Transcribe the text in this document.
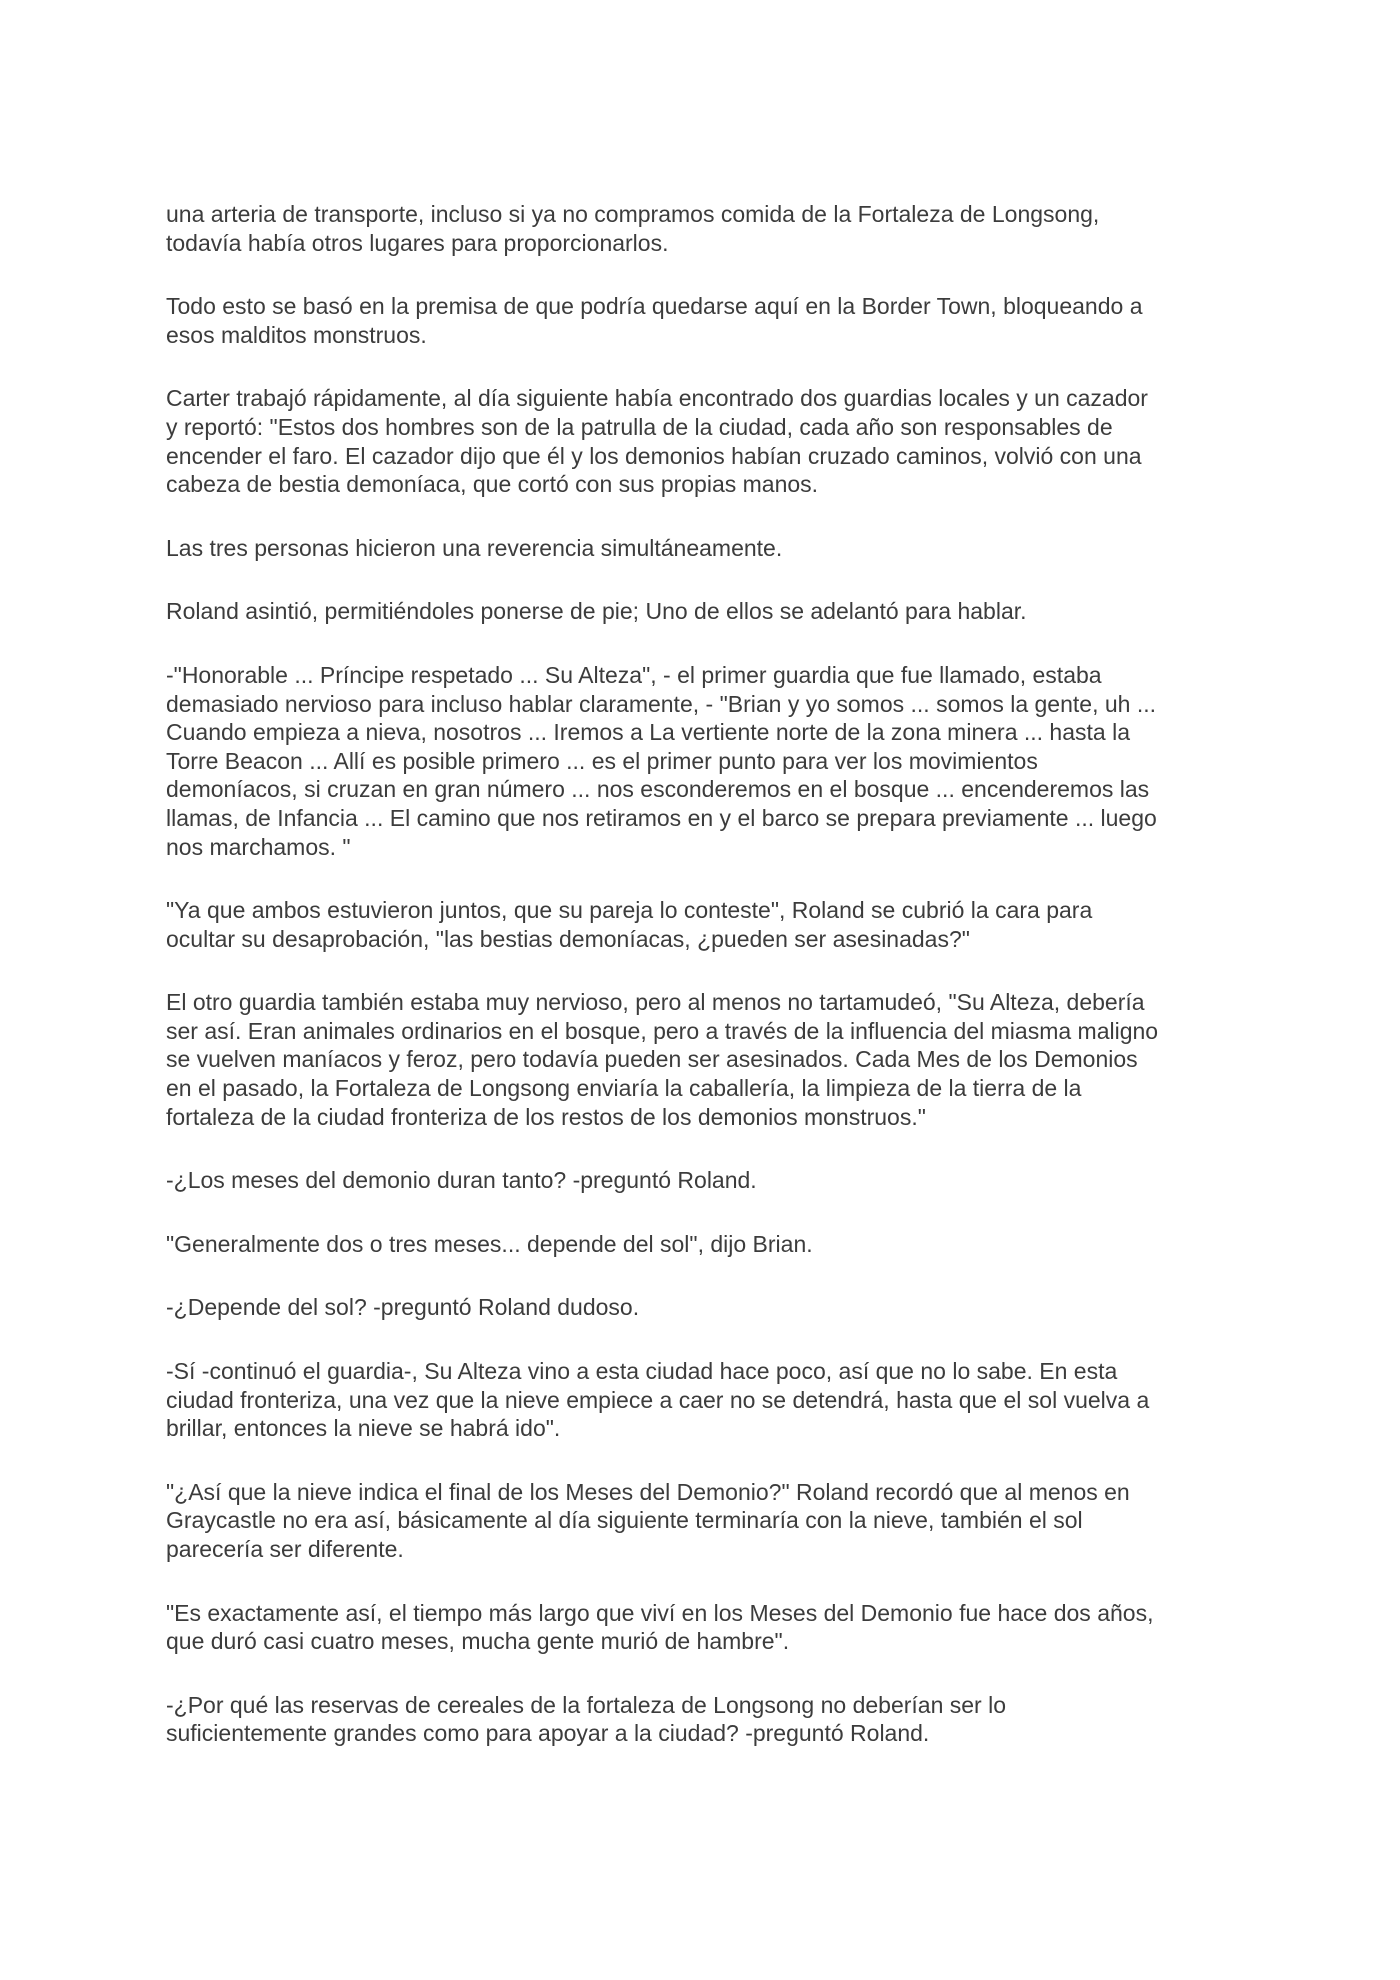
una arteria de transporte, incluso si ya no compramos comida de la Fortaleza de Longsong,
todavía había otros lugares para proporcionarlos.

Todo esto se basó en la premisa de que podría quedarse aquí en la Border Town, bloqueando a
esos malditos monstruos.

Carter trabajó rápidamente, al día siguiente había encontrado dos guardias locales y un cazador
y reportó: "Estos dos hombres son de la patrulla de la ciudad, cada año son responsables de
encender el faro. El cazador dijo que él y los demonios habían cruzado caminos, volvió con una
cabeza de bestia demoníaca, que cortó con sus propias manos.

Las tres personas hicieron una reverencia simultáneamente.

Roland asintió, permitiéndoles ponerse de pie; Uno de ellos se adelantó para hablar.

-"Honorable ... Príncipe respetado ... Su Alteza", - el primer guardia que fue llamado, estaba
demasiado nervioso para incluso hablar claramente, - "Brian y yo somos ... somos la gente, uh ...
Cuando empieza a nieva, nosotros ... Iremos a La vertiente norte de la zona minera ... hasta la
Torre Beacon ... Allí es posible primero ... es el primer punto para ver los movimientos
demoníacos, si cruzan en gran número ... nos esconderemos en el bosque ... encenderemos las
llamas, de Infancia ... El camino que nos retiramos en y el barco se prepara previamente ... luego
nos marchamos. "

"Ya que ambos estuvieron juntos, que su pareja lo conteste", Roland se cubrió la cara para
ocultar su desaprobación, "las bestias demoníacas, ¿pueden ser asesinadas?"

El otro guardia también estaba muy nervioso, pero al menos no tartamudeó, "Su Alteza, debería
ser así. Eran animales ordinarios en el bosque, pero a través de la influencia del miasma maligno
se vuelven maníacos y feroz, pero todavía pueden ser asesinados. Cada Mes de los Demonios
en el pasado, la Fortaleza de Longsong enviaría la caballería, la limpieza de la tierra de la
fortaleza de la ciudad fronteriza de los restos de los demonios monstruos."

-¿Los meses del demonio duran tanto? -preguntó Roland.

"Generalmente dos o tres meses... depende del sol", dijo Brian.

-¿Depende del sol? -preguntó Roland dudoso.

-Sí -continuó el guardia-, Su Alteza vino a esta ciudad hace poco, así que no lo sabe. En esta
ciudad fronteriza, una vez que la nieve empiece a caer no se detendrá, hasta que el sol vuelva a
brillar, entonces la nieve se habrá ido".

"¿Así que la nieve indica el final de los Meses del Demonio?" Roland recordó que al menos en
Graycastle no era así, básicamente al día siguiente terminaría con la nieve, también el sol
parecería ser diferente.

"Es exactamente así, el tiempo más largo que viví en los Meses del Demonio fue hace dos años,
que duró casi cuatro meses, mucha gente murió de hambre".

-¿Por qué las reservas de cereales de la fortaleza de Longsong no deberían ser lo
suficientemente grandes como para apoyar a la ciudad? -preguntó Roland.
